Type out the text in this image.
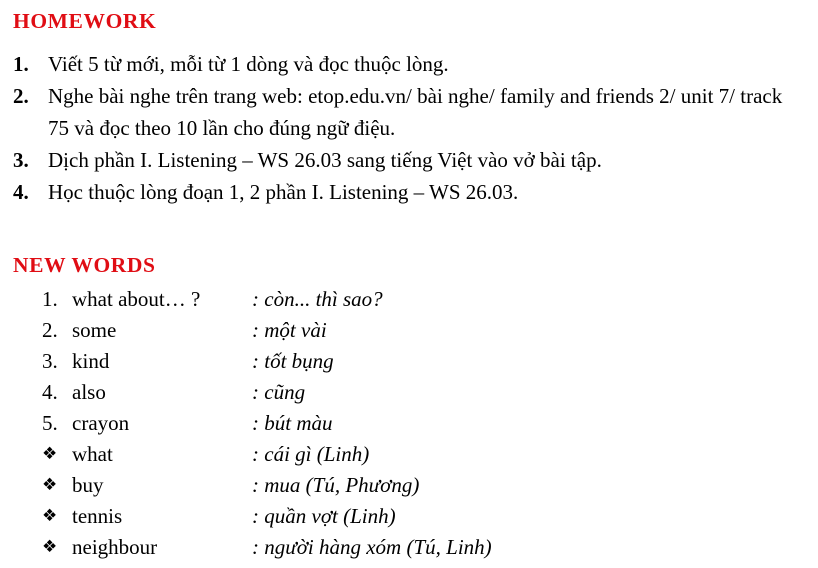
HOMEWORK
1. Viết 5 từ mới, mỗi từ 1 dòng và đọc thuộc lòng.
2. Nghe bài nghe trên trang web: etop.edu.vn/ bài nghe/ family and friends 2/ unit 7/ track 75 và đọc theo 10 lần cho đúng ngữ điệu.
3. Dịch phần I. Listening – WS 26.03 sang tiếng Việt vào vở bài tập.
4. Học thuộc lòng đoạn 1, 2 phần I. Listening – WS 26.03.
NEW WORDS
1. what about… ?	: còn... thì sao?
2. some	: một vài
3. kind	: tốt bụng
4. also	: cũng
5. crayon	: bút màu
❖ what	: cái gì (Linh)
❖ buy	: mua (Tú, Phương)
❖ tennis	: quần vợt (Linh)
❖ neighbour	: người hàng xóm (Tú, Linh)
